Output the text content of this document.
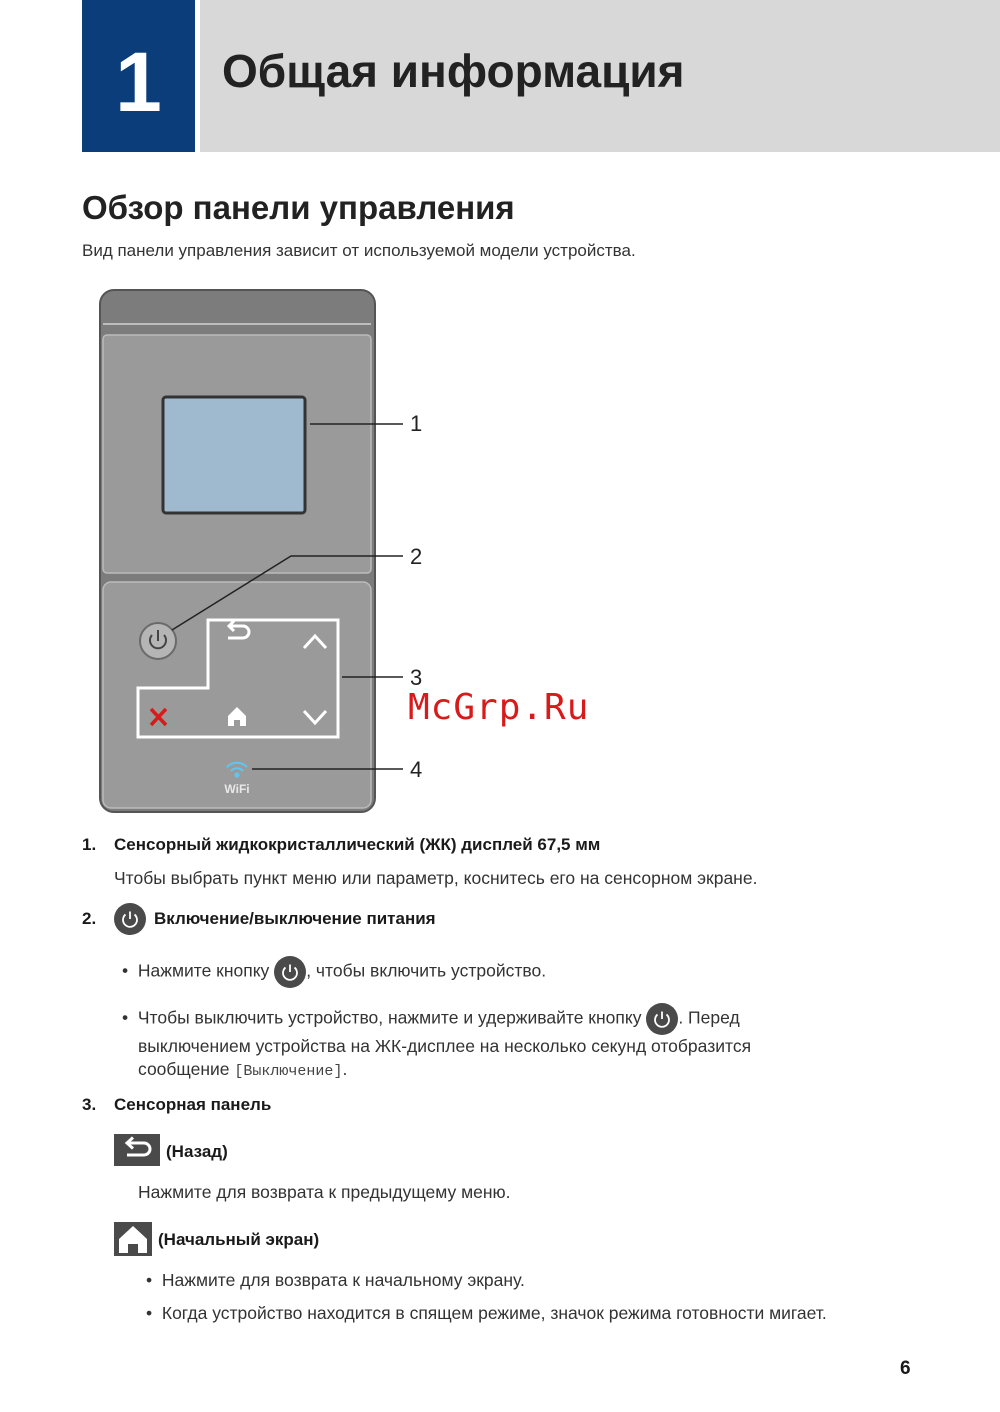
1	Общая информация
Обзор панели управления
Вид панели управления зависит от используемой модели устройства.
WiFi
1
2
3
4
McGrp.Ru
1. Сенсорный жидкокристаллический (ЖК) дисплей 67,5 мм
Чтобы выбрать пункт меню или параметр, коснитесь его на сенсорном экране.
2.	Включение/выключение питания
• Нажмите кнопку , чтобы включить устройство.
• Чтобы выключить устройство, нажмите и удерживайте кнопку . Перед
выключением устройства на ЖК-дисплее на несколько секунд отобразится
сообщение [Выключение].
3. Сенсорная панель
(Назад)
Нажмите для возврата к предыдущему меню.
(Начальный экран)
• Нажмите для возврата к начальному экрану.
• Когда устройство находится в спящем режиме, значок режима готовности мигает.
6
